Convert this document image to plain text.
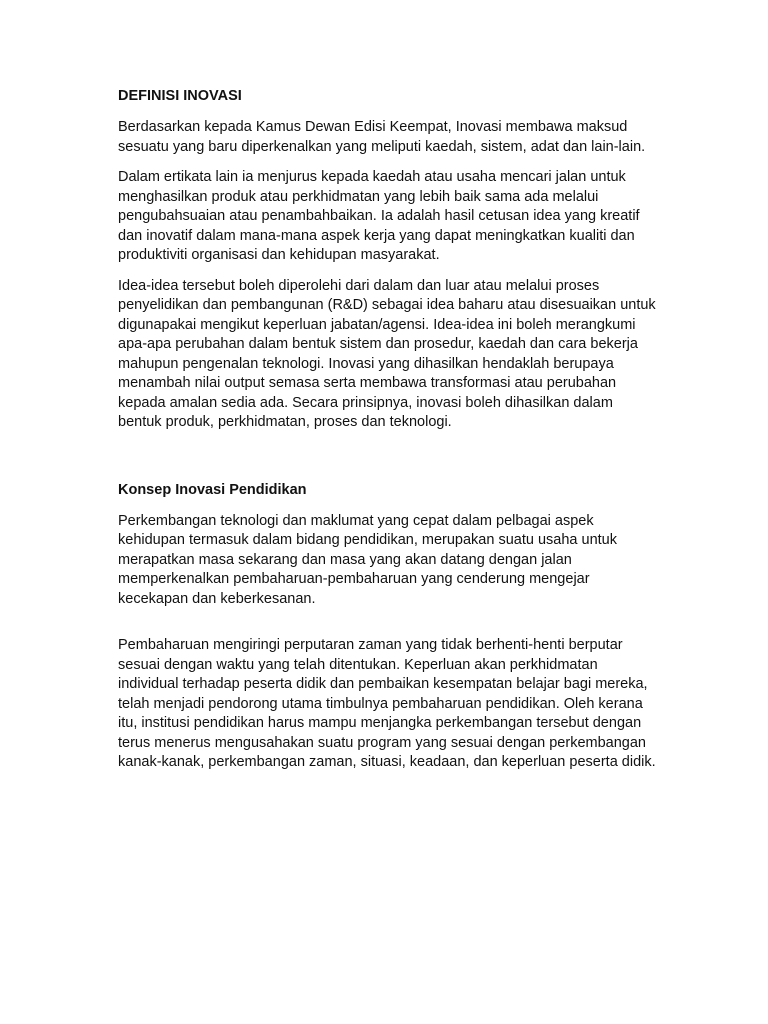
DEFINISI INOVASI

Berdasarkan kepada Kamus Dewan Edisi Keempat, Inovasi membawa maksud sesuatu yang baru diperkenalkan yang meliputi kaedah, sistem, adat dan lain-lain.

Dalam ertikata lain ia menjurus kepada kaedah atau usaha mencari jalan untuk menghasilkan produk atau perkhidmatan yang lebih baik sama ada melalui pengubahsuaian atau penambahbaikan. Ia adalah hasil cetusan idea yang kreatif dan inovatif dalam mana-mana aspek kerja yang dapat meningkatkan kualiti dan produktiviti organisasi dan kehidupan masyarakat.

Idea-idea tersebut boleh diperolehi dari dalam dan luar atau melalui proses penyelidikan dan pembangunan (R&D) sebagai idea baharu atau disesuaikan untuk digunapakai mengikut keperluan jabatan/agensi. Idea-idea ini boleh merangkumi apa-apa perubahan dalam bentuk sistem dan prosedur, kaedah dan cara bekerja mahupun pengenalan teknologi. Inovasi yang dihasilkan hendaklah berupaya menambah nilai output semasa serta membawa transformasi atau perubahan kepada amalan sedia ada. Secara prinsipnya, inovasi boleh dihasilkan dalam bentuk produk, perkhidmatan, proses dan teknologi.

Konsep Inovasi Pendidikan

Perkembangan teknologi dan maklumat yang cepat dalam pelbagai aspek kehidupan termasuk dalam bidang pendidikan, merupakan suatu usaha untuk merapatkan masa sekarang dan masa yang akan datang dengan jalan memperkenalkan pembaharuan-pembaharuan yang cenderung mengejar kecekapan dan keberkesanan.

Pembaharuan mengiringi perputaran zaman yang tidak berhenti-henti berputar sesuai dengan waktu yang telah ditentukan. Keperluan akan perkhidmatan individual terhadap peserta didik dan pembaikan kesempatan belajar bagi mereka, telah menjadi pendorong utama timbulnya pembaharuan pendidikan. Oleh kerana itu, institusi pendidikan harus mampu menjangka perkembangan tersebut dengan terus menerus mengusahakan suatu program yang sesuai dengan perkembangan kanak-kanak, perkembangan zaman, situasi, keadaan, dan keperluan peserta didik.
